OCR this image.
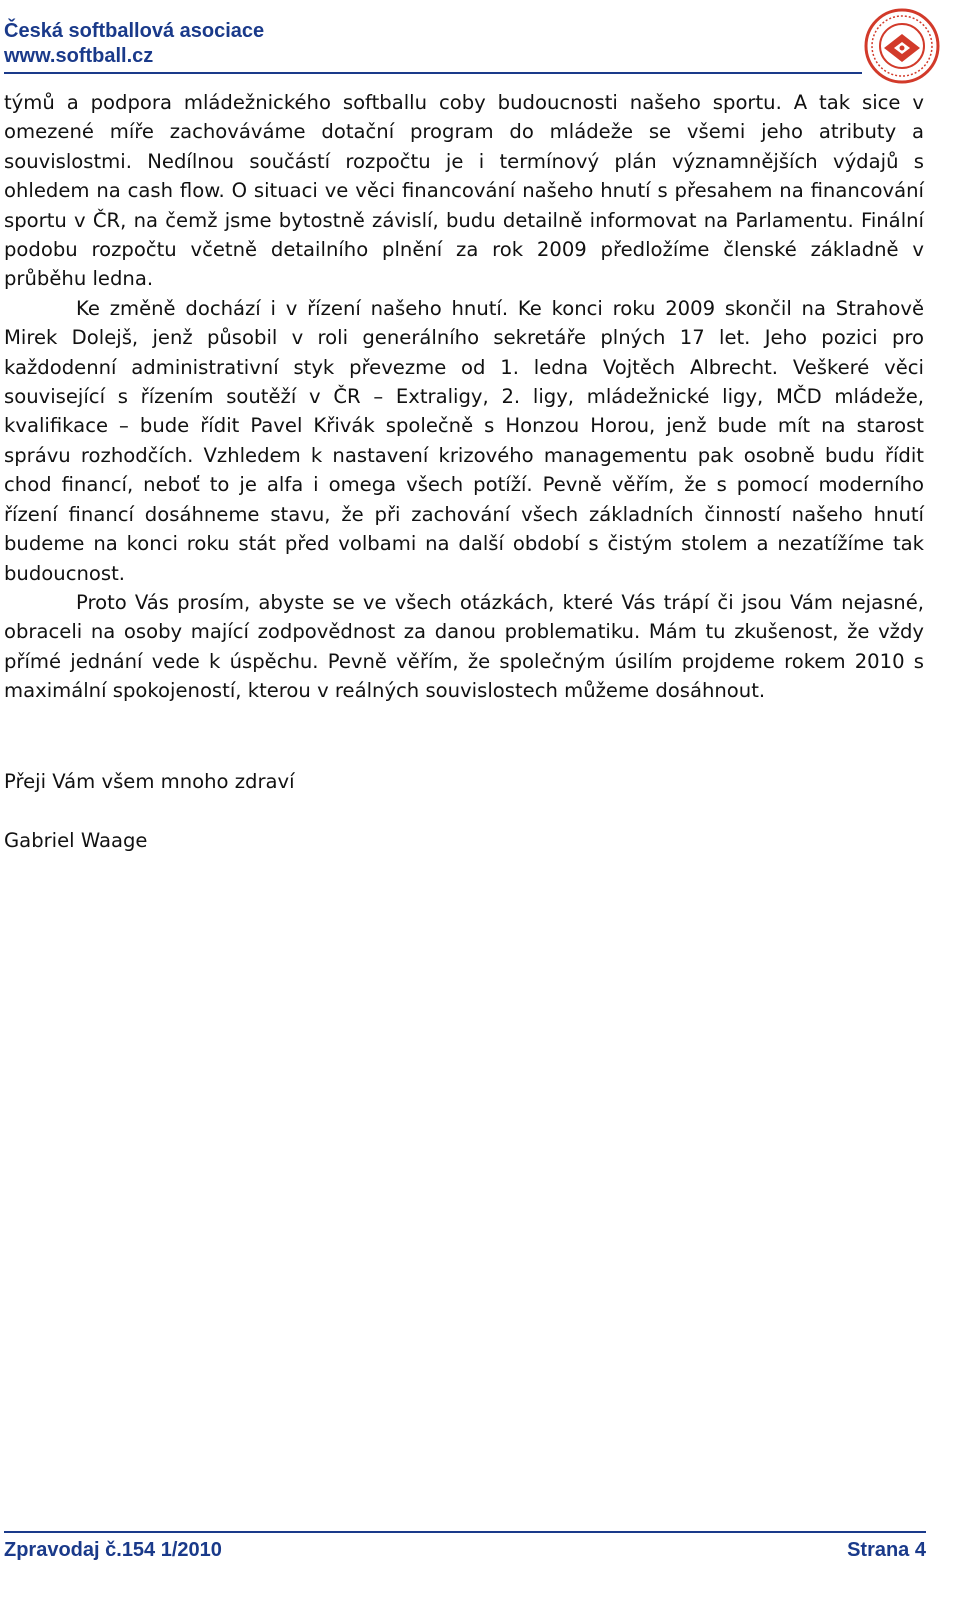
Česká softballová asociace
www.softball.cz

týmů a podpora mládežnického softballu coby budoucnosti našeho sportu. A tak sice v omezené míře zachováváme dotační program do mládeže se všemi jeho atributy a souvislostmi. Nedílnou součástí rozpočtu je i termínový plán významnějších výdajů s ohledem na cash flow. O situaci ve věci financování našeho hnutí s přesahem na financování sportu v ČR, na čemž jsme bytostně závislí, budu detailně informovat na Parlamentu. Finální podobu rozpočtu včetně detailního plnění za rok 2009 předložíme členské základně v průběhu ledna.

Ke změně dochází i v řízení našeho hnutí. Ke konci roku 2009 skončil na Strahově Mirek Dolejš, jenž působil v roli generálního sekretáře plných 17 let. Jeho pozici pro každodenní administrativní styk převezme od 1. ledna Vojtěch Albrecht. Veškeré věci související s řízením soutěží v ČR – Extraligy, 2. ligy, mládežnické ligy, MČD mládeže, kvalifikace – bude řídit Pavel Křivák společně s Honzou Horou, jenž bude mít na starost správu rozhodčích. Vzhledem k nastavení krizového managementu pak osobně budu řídit chod financí, neboť to je alfa i omega všech potíží. Pevně věřím, že s pomocí moderního řízení financí dosáhneme stavu, že při zachování všech základních činností našeho hnutí budeme na konci roku stát před volbami na další období s čistým stolem a nezatížíme tak budoucnost.

Proto Vás prosím, abyste se ve všech otázkách, které Vás trápí či jsou Vám nejasné, obraceli na osoby mající zodpovědnost za danou problematiku. Mám tu zkušenost, že vždy přímé jednání vede k úspěchu. Pevně věřím, že společným úsilím projdeme rokem 2010 s maximální spokojeností, kterou v reálných souvislostech můžeme dosáhnout.

Přeji Vám všem mnoho zdraví
Gabriel Waage
Zpravodaj č.154 1/2010	Strana 4
